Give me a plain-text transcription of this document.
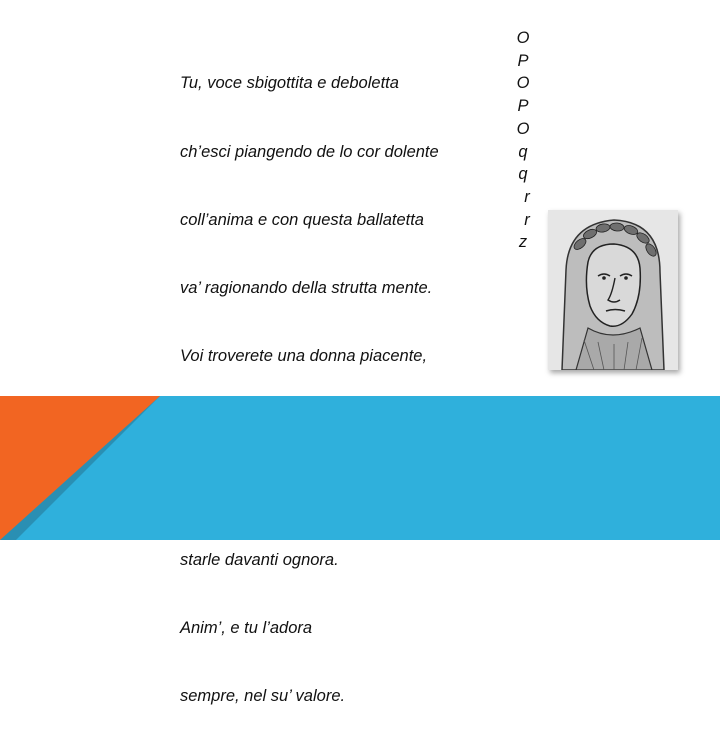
Tu, voce sbigottita e deboletta

ch’esci piangendo de lo cor dolente

coll’anima e con questa ballatetta

va’ ragionando della strutta mente.

Voi troverete una donna piacente,

starle davanti ognora.

Anim’, e tu l’adora

sempre, nel su’ valore.

O
P
O
P
O
q
q
r
r
z
